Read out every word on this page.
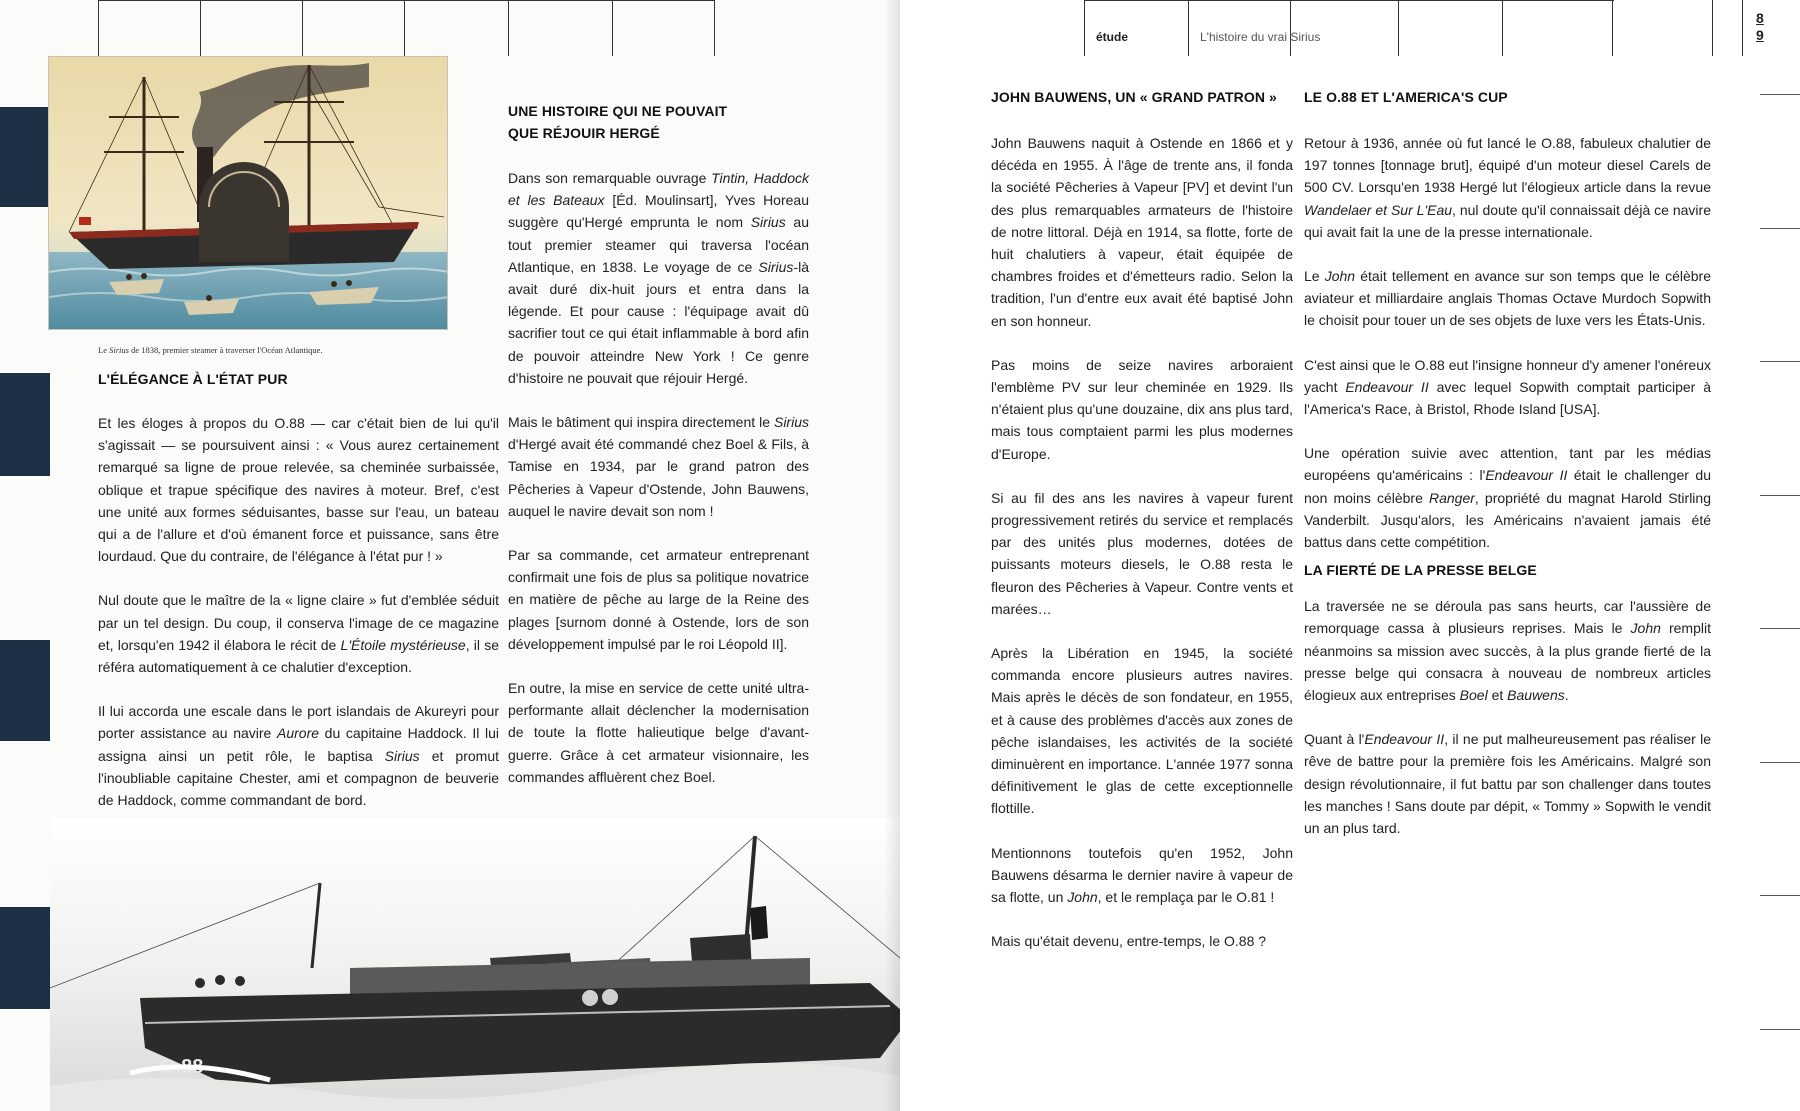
Le Sirius de 1838, premier steamer à traverser l'Océan Atlantique.
L'ÉLÉGANCE À L'ÉTAT PUR

Et les éloges à propos du O.88 — car c'était bien de lui qu'il s'agissait — se poursuivent ainsi : « Vous aurez certainement remarqué sa ligne de proue relevée, sa cheminée surbaissée, oblique et trapue spécifique des navires à moteur. Bref, c'est une unité aux formes séduisantes, basse sur l'eau, un bateau qui a de l'allure et d'où émanent force et puissance, sans être lourdaud. Que du contraire, de l'élégance à l'état pur ! »

Nul doute que le maître de la « ligne claire » fut d'emblée séduit par un tel design. Du coup, il conserva l'image de ce magazine et, lorsqu'en 1942 il élabora le récit de L'Étoile mystérieuse, il se référa automatiquement à ce chalutier d'exception.

Il lui accorda une escale dans le port islandais de Akureyri pour porter assistance au navire Aurore du capitaine Haddock. Il lui assigna ainsi un petit rôle, le baptisa Sirius et promut l'inoubliable capitaine Chester, ami et compagnon de beuverie de Haddock, comme commandant de bord.

UNE HISTOIRE QUI NE POUVAIT
QUE RÉJOUIR HERGÉ

Dans son remarquable ouvrage Tintin, Haddock et les Bateaux [Éd. Moulinsart], Yves Horeau suggère qu'Hergé emprunta le nom Sirius au tout premier steamer qui traversa l'océan Atlantique, en 1838. Le voyage de ce Sirius-là avait duré dix-huit jours et entra dans la légende. Et pour cause : l'équipage avait dû sacrifier tout ce qui était inflammable à bord afin de pouvoir atteindre New York ! Ce genre d'histoire ne pouvait que réjouir Hergé.

Mais le bâtiment qui inspira directement le Sirius d'Hergé avait été commandé chez Boel & Fils, à Tamise en 1934, par le grand patron des Pêcheries à Vapeur d'Ostende, John Bauwens, auquel le navire devait son nom !

Par sa commande, cet armateur entreprenant confirmait une fois de plus sa politique novatrice en matière de pêche au large de la Reine des plages [surnom donné à Ostende, lors de son développement impulsé par le roi Léopold II].

En outre, la mise en service de cette unité ultra-performante allait déclencher la modernisation de toute la flotte halieutique belge d'avant-guerre. Grâce à cet armateur visionnaire, les commandes affluèrent chez Boel.

O.88
étude	L'histoire du vrai Sirius
8
9
JOHN BAUWENS, UN « GRAND PATRON »

John Bauwens naquit à Ostende en 1866 et y décéda en 1955. À l'âge de trente ans, il fonda la société Pêcheries à Vapeur [PV] et devint l'un des plus remarquables armateurs de l'histoire de notre littoral. Déjà en 1914, sa flotte, forte de huit chalutiers à vapeur, était équipée de chambres froides et d'émetteurs radio. Selon la tradition, l'un d'entre eux avait été baptisé John en son honneur.

Pas moins de seize navires arboraient l'emblème PV sur leur cheminée en 1929. Ils n'étaient plus qu'une douzaine, dix ans plus tard, mais tous comptaient parmi les plus modernes d'Europe.

Si au fil des ans les navires à vapeur furent progressivement retirés du service et remplacés par des unités plus modernes, dotées de puissants moteurs diesels, le O.88 resta le fleuron des Pêcheries à Vapeur. Contre vents et marées…

Après la Libération en 1945, la société commanda encore plusieurs autres navires. Mais après le décès de son fondateur, en 1955, et à cause des problèmes d'accès aux zones de pêche islandaises, les activités de la société diminuèrent en importance. L'année 1977 sonna définitivement le glas de cette exceptionnelle flottille.

Mentionnons toutefois qu'en 1952, John Bauwens désarma le dernier navire à vapeur de sa flotte, un John, et le remplaça par le O.81 !

Mais qu'était devenu, entre-temps, le O.88 ?

LE O.88 ET L'AMERICA'S CUP

Retour à 1936, année où fut lancé le O.88, fabuleux chalutier de 197 tonnes [tonnage brut], équipé d'un moteur diesel Carels de 500 CV. Lorsqu'en 1938 Hergé lut l'élogieux article dans la revue Wandelaer et Sur L'Eau, nul doute qu'il connaissait déjà ce navire qui avait fait la une de la presse internationale.

Le John était tellement en avance sur son temps que le célèbre aviateur et milliardaire anglais Thomas Octave Murdoch Sopwith le choisit pour touer un de ses objets de luxe vers les États-Unis.

C'est ainsi que le O.88 eut l'insigne honneur d'y amener l'onéreux yacht Endeavour II avec lequel Sopwith comptait participer à l'America's Race, à Bristol, Rhode Island [USA].

Une opération suivie avec attention, tant par les médias européens qu'américains : l'Endeavour II était le challenger du non moins célèbre Ranger, propriété du magnat Harold Stirling Vanderbilt. Jusqu'alors, les Américains n'avaient jamais été battus dans cette compétition.

LA FIERTÉ DE LA PRESSE BELGE

La traversée ne se déroula pas sans heurts, car l'aussière de remorquage cassa à plusieurs reprises. Mais le John remplit néanmoins sa mission avec succès, à la plus grande fierté de la presse belge qui consacra à nouveau de nombreux articles élogieux aux entreprises Boel et Bauwens.

Quant à l'Endeavour II, il ne put malheureusement pas réaliser le rêve de battre pour la première fois les Américains. Malgré son design révolutionnaire, il fut battu par son challenger dans toutes les manches ! Sans doute par dépit, « Tommy » Sopwith le vendit un an plus tard.
